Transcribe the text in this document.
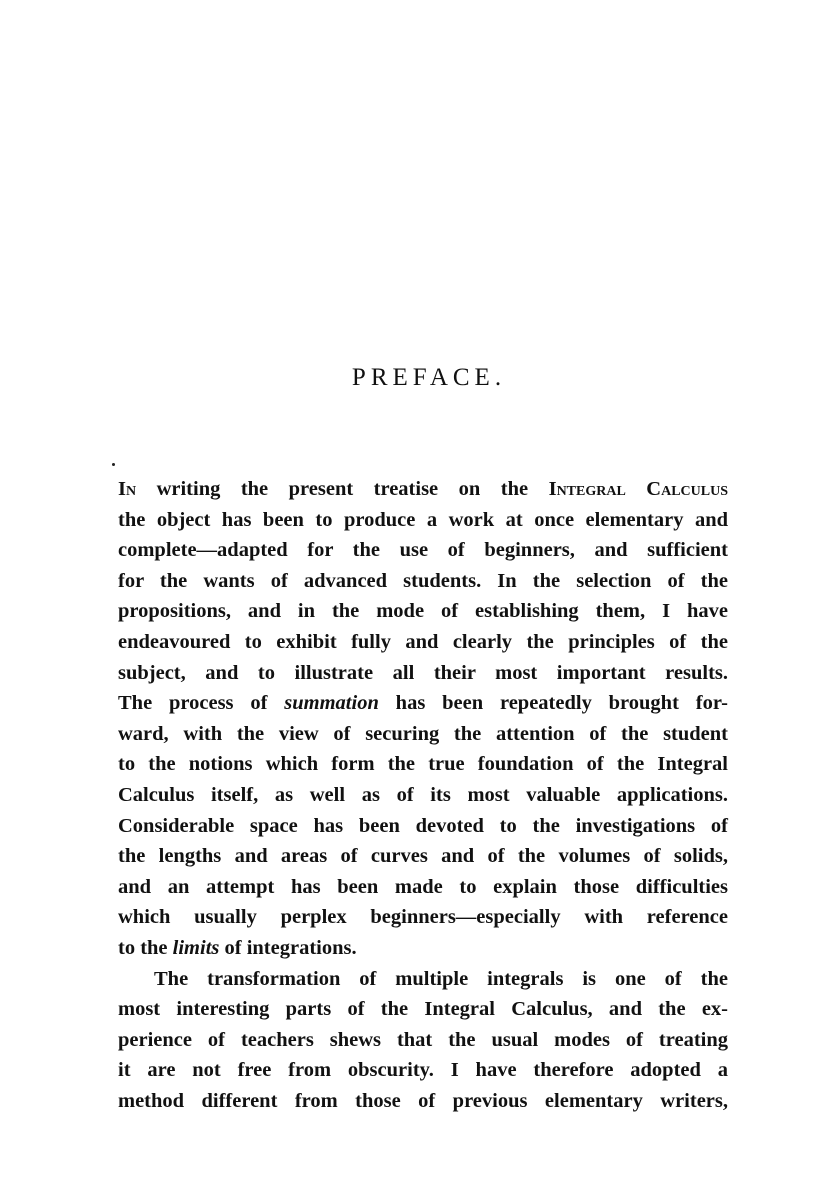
PREFACE.

In writing the present treatise on the Integral Calculus
the object has been to produce a work at once elementary and
complete—adapted for the use of beginners, and sufficient
for the wants of advanced students. In the selection of the
propositions, and in the mode of establishing them, I have
endeavoured to exhibit fully and clearly the principles of the
subject, and to illustrate all their most important results.
The process of summation has been repeatedly brought for-
ward, with the view of securing the attention of the student
to the notions which form the true foundation of the Integral
Calculus itself, as well as of its most valuable applications.
Considerable space has been devoted to the investigations of
the lengths and areas of curves and of the volumes of solids,
and an attempt has been made to explain those difficulties
which usually perplex beginners—especially with reference
to the limits of integrations.

The transformation of multiple integrals is one of the
most interesting parts of the Integral Calculus, and the ex-
perience of teachers shews that the usual modes of treating
it are not free from obscurity. I have therefore adopted a
method different from those of previous elementary writers,
